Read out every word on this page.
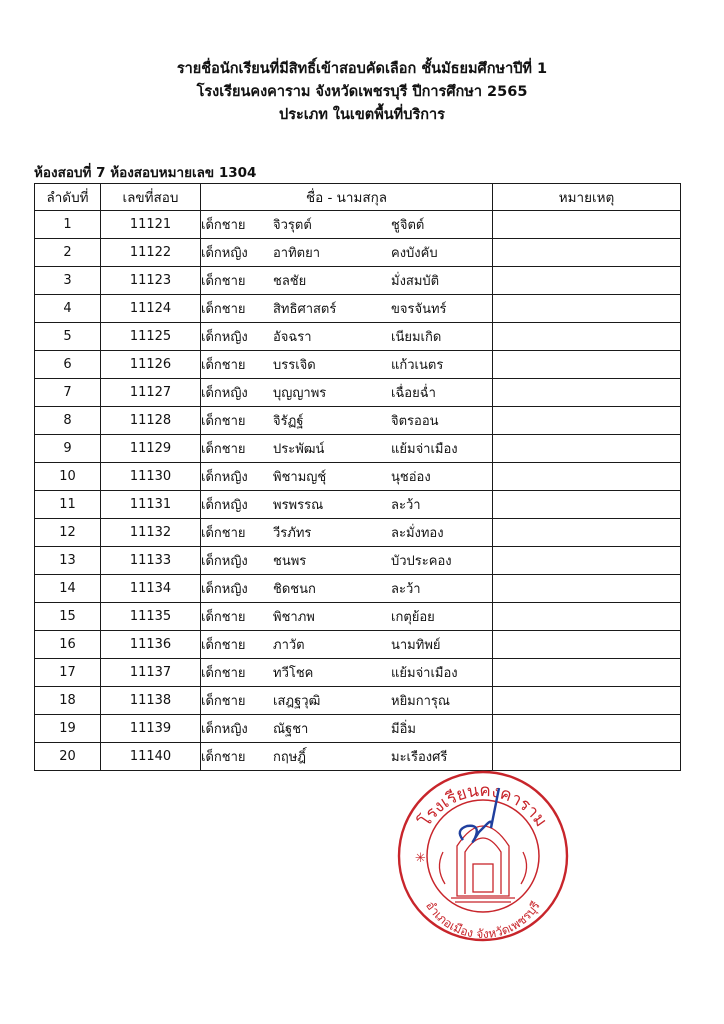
รายชื่อนักเรียนที่มีสิทธิ์เข้าสอบคัดเลือก ชั้นมัธยมศึกษาปีที่ 1
โรงเรียนคงคาราม จังหวัดเพชรบุรี ปีการศึกษา 2565
ประเภท ในเขตพื้นที่บริการ
ห้องสอบที่ 7 ห้องสอบหมายเลข 1304
ลำดับที่	เลขที่สอบ	ชื่อ - นามสกุล	หมายเหตุ
1	11121	เด็กชาย จิวรุตต์ ชูจิตต์	
2	11122	เด็กหญิง อาทิตยา คงบังคับ	
3	11123	เด็กชาย ชลชัย มั่งสมบัติ	
4	11124	เด็กชาย สิทธิศาสตร์ ขจรจันทร์	
5	11125	เด็กหญิง อัจฉรา เนียมเกิด	
6	11126	เด็กชาย บรรเจิด แก้วเนตร	
7	11127	เด็กหญิง บุญญาพร เฉื่อยฉ่ำ	
8	11128	เด็กชาย จิรัฏฐ์ จิตรออน	
9	11129	เด็กชาย ประพัฒน์ แย้มจ่าเมือง	
10	11130	เด็กหญิง พิชามญชุ์ นุชอ่อง	
11	11131	เด็กหญิง พรพรรณ ละว้า	
12	11132	เด็กชาย วีรภัทร ละมั่งทอง	
13	11133	เด็กหญิง ชนพร บัวประคอง	
14	11134	เด็กหญิง ชิดชนก ละว้า	
15	11135	เด็กชาย พิชาภพ เกตุย้อย	
16	11136	เด็กชาย ภาวัต นามทิพย์	
17	11137	เด็กชาย ทวีโชค แย้มจ่าเมือง	
18	11138	เด็กชาย เสฎฐวุฒิ หยิมการุณ	
19	11139	เด็กหญิง ณัฐชา มีอิ่ม	
20	11140	เด็กชาย กฤษฎิ์ มะเรืองศรี	
โรงเรียนคงคาราม
อำเภอเมือง จังหวัดเพชรบุรี
✳
